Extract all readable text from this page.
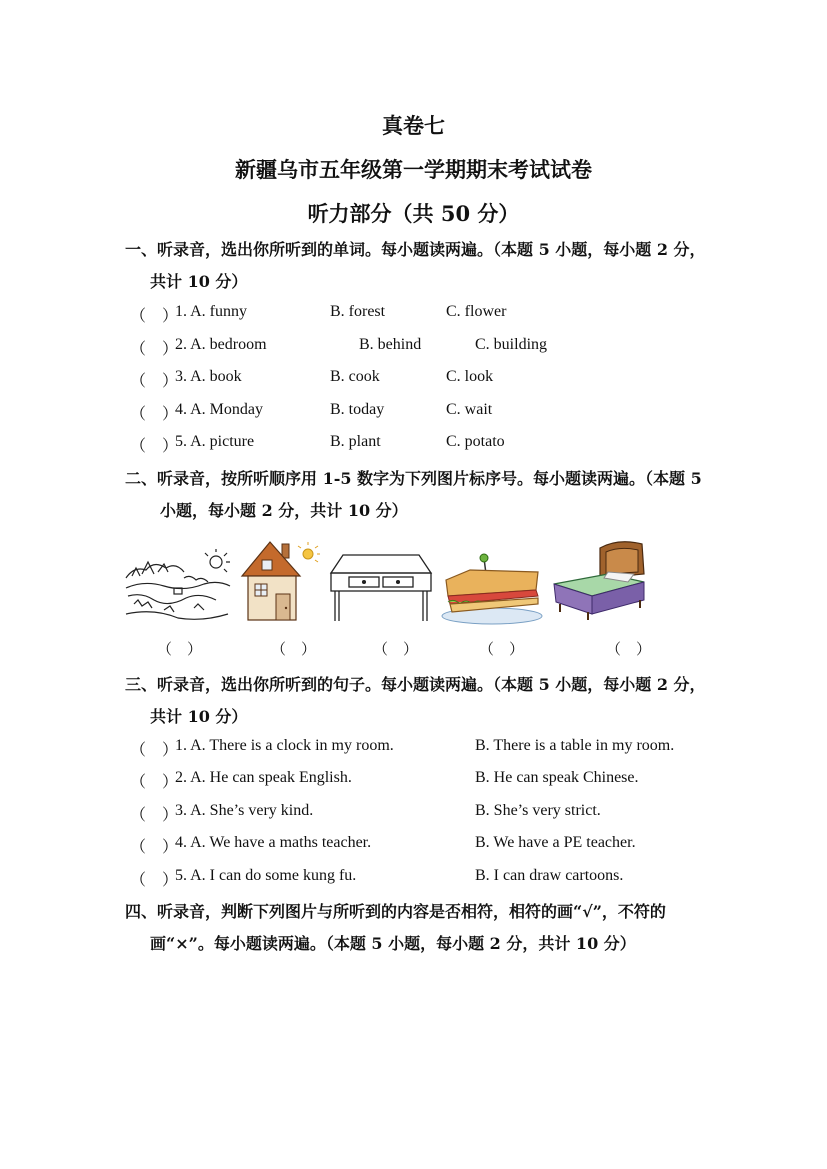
真卷七
新疆乌市五年级第一学期期末考试试卷
听力部分（共 50 分）
一、听录音，选出你所听到的单词。每小题读两遍。（本题 5 小题，每小题 2 分，
共计 10 分）
（　）
1. A. funny	B. forest	C. flower
（　）
2. A. bedroom	B. behind	C. building
（　）
3. A. book	B. cook	C. look
（　）
4. A. Monday	B. today	C. wait
（　）
5. A. picture	B. plant	C. potato
二、听录音，按所听顺序用 1-5 数字为下列图片标序号。每小题读两遍。（本题 5
小题，每小题 2 分，共计 10 分）
（　）	（　）	（　）	（　）	（　）
三、听录音，选出你所听到的句子。每小题读两遍。（本题 5 小题，每小题 2 分，
共计 10 分）
（　）
1. A. There is a clock in my room.	B. There is a table in my room.
（　）
2. A. He can speak English.	B. He can speak Chinese.
（　）
3. A. She’s very kind.	B. She’s very strict.
（　）
4. A. We have a maths teacher.	B. We have a PE teacher.
（　）
5. A. I can do some kung fu.	B. I can draw cartoons.
四、听录音，判断下列图片与所听到的内容是否相符，相符的画“√”，不符的
画“×”。每小题读两遍。（本题 5 小题，每小题 2 分，共计 10 分）
